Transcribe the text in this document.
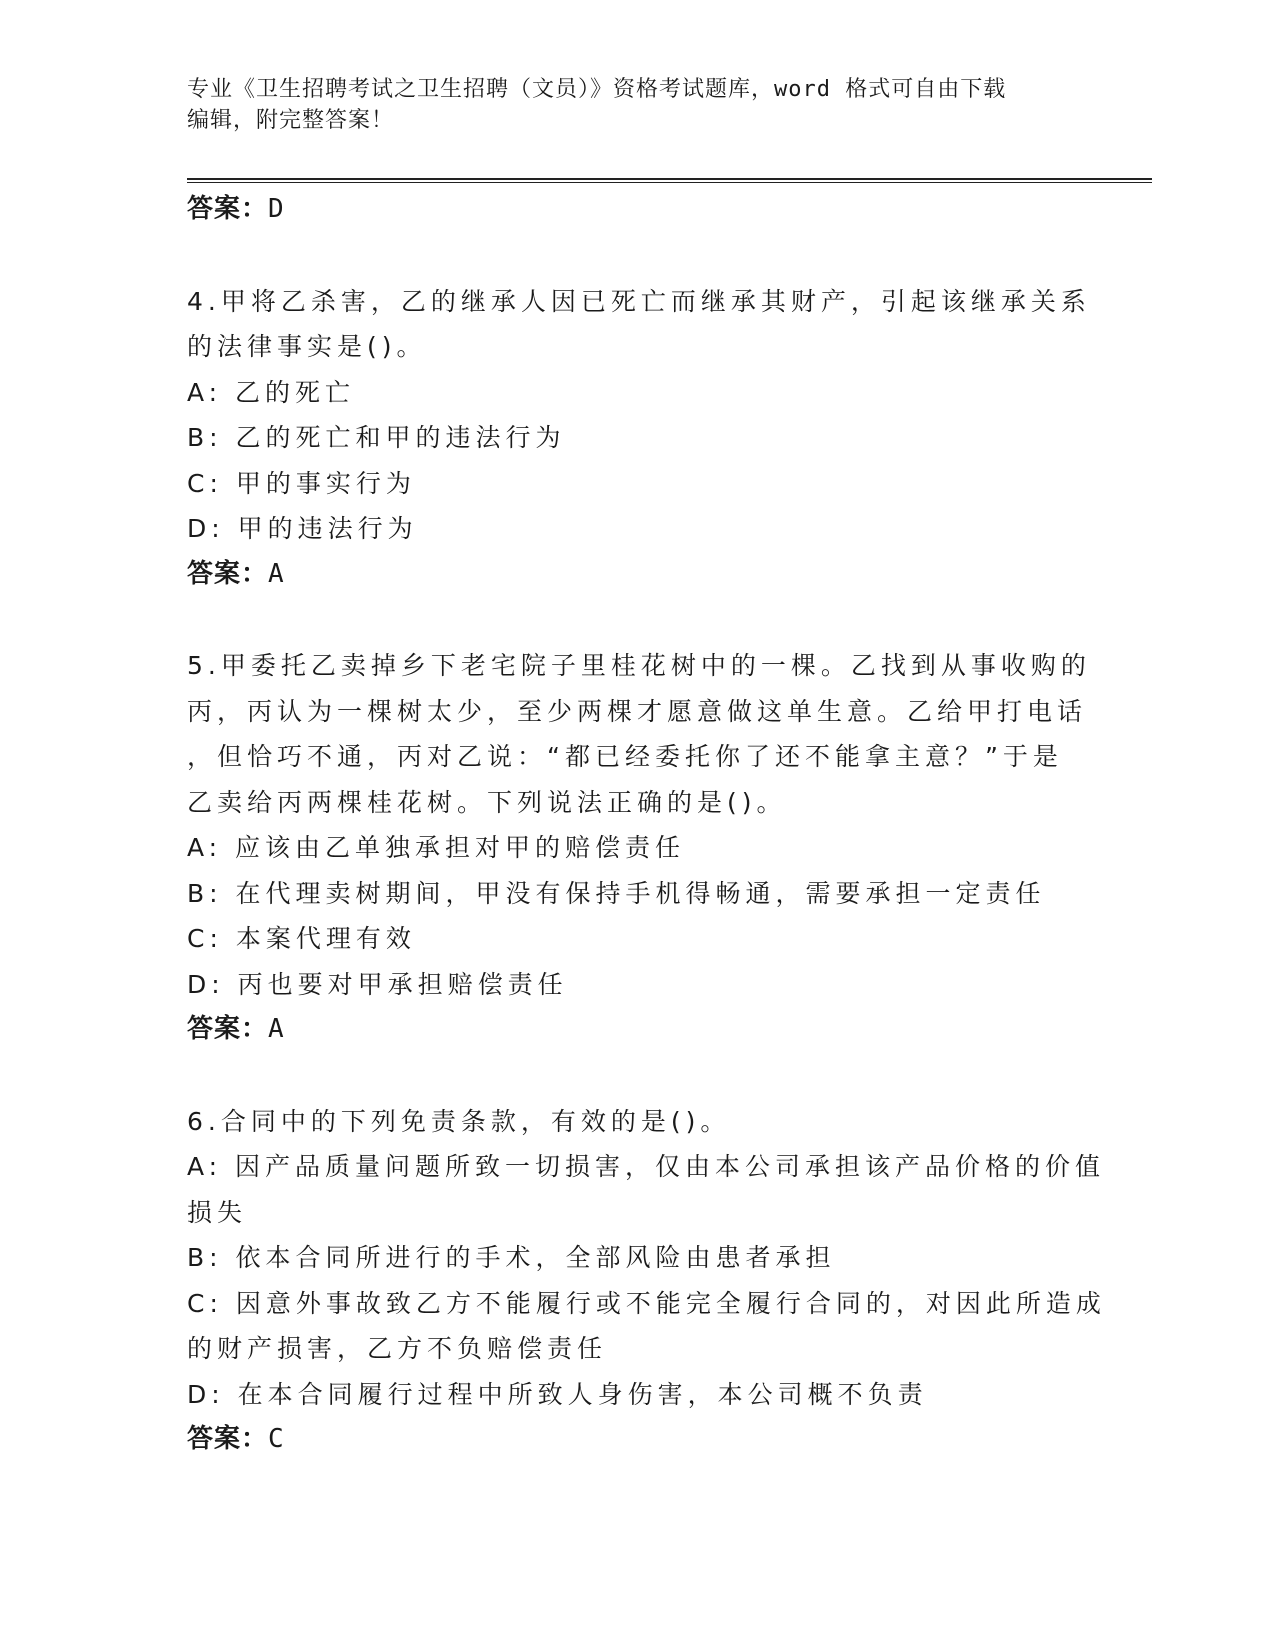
专业《卫生招聘考试之卫生招聘（文员）》资格考试题库，word 格式可自由下载
编辑，附完整答案！
答案：D
4.甲将乙杀害，乙的继承人因已死亡而继承其财产，引起该继承关系
的法律事实是()。
A: 乙的死亡
B: 乙的死亡和甲的违法行为
C: 甲的事实行为
D: 甲的违法行为
答案：A
5.甲委托乙卖掉乡下老宅院子里桂花树中的一棵。乙找到从事收购的
丙，丙认为一棵树太少，至少两棵才愿意做这单生意。乙给甲打电话
，但恰巧不通，丙对乙说：“都已经委托你了还不能拿主意？”于是
乙卖给丙两棵桂花树。下列说法正确的是()。
A: 应该由乙单独承担对甲的赔偿责任
B: 在代理卖树期间，甲没有保持手机得畅通，需要承担一定责任
C: 本案代理有效
D: 丙也要对甲承担赔偿责任
答案：A
6.合同中的下列免责条款，有效的是()。
A: 因产品质量问题所致一切损害，仅由本公司承担该产品价格的价值
损失
B: 依本合同所进行的手术，全部风险由患者承担
C: 因意外事故致乙方不能履行或不能完全履行合同的，对因此所造成
的财产损害，乙方不负赔偿责任
D: 在本合同履行过程中所致人身伤害，本公司概不负责
答案：C
